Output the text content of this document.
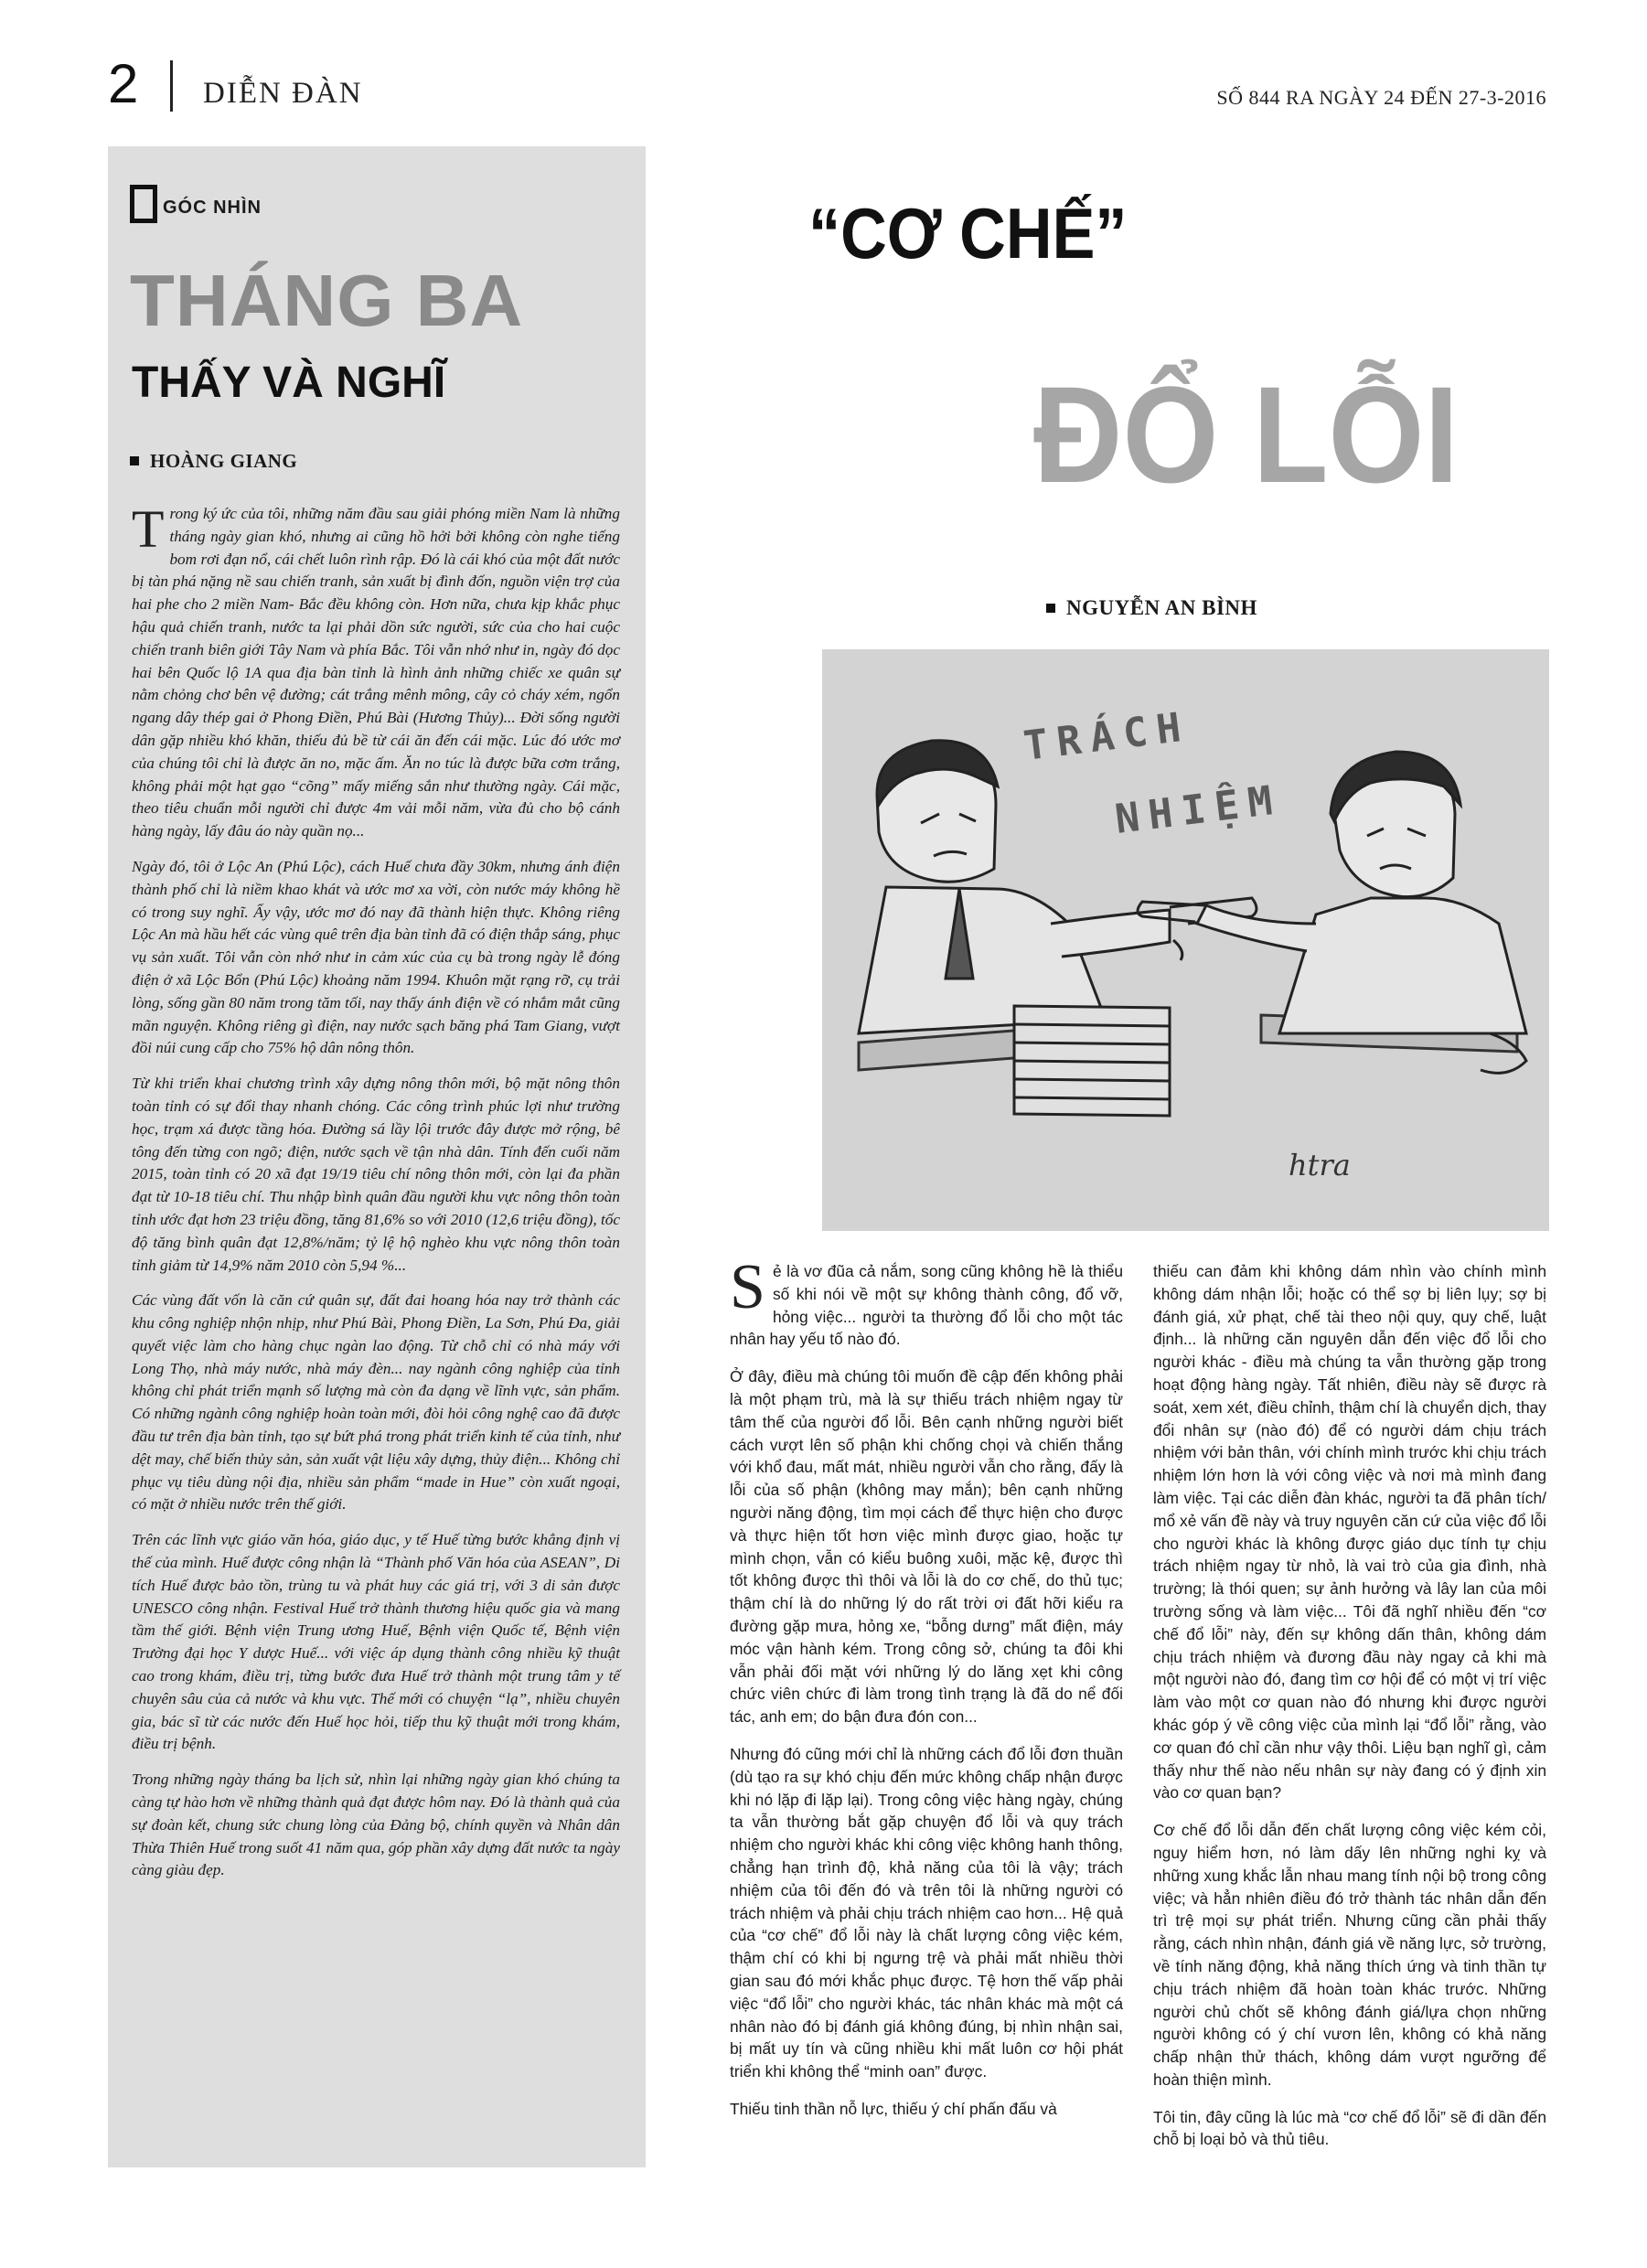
2 DIỄN ĐÀN	SỐ 844 RA NGÀY 24 ĐẾN 27-3-2016
GÓC NHÌN
THÁNG BA
THẤY VÀ NGHĨ
HOÀNG GIANG

Trong ký ức của tôi, những năm đầu sau giải phóng miền Nam là những tháng ngày gian khó, nhưng ai cũng hồ hởi bởi không còn nghe tiếng bom rơi đạn nổ, cái chết luôn rình rập. Đó là cái khó của một đất nước bị tàn phá nặng nề sau chiến tranh, sản xuất bị đình đốn, nguồn viện trợ của hai phe cho 2 miền Nam- Bắc đều không còn. Hơn nữa, chưa kịp khắc phục hậu quả chiến tranh, nước ta lại phải dồn sức người, sức của cho hai cuộc chiến tranh biên giới Tây Nam và phía Bắc. Tôi vẫn nhớ như in, ngày đó dọc hai bên Quốc lộ 1A qua địa bàn tỉnh là hình ảnh những chiếc xe quân sự nằm chỏng chơ bên vệ đường; cát trắng mênh mông, cây cỏ cháy xém, ngổn ngang dây thép gai ở Phong Điền, Phú Bài (Hương Thủy)... Đời sống người dân gặp nhiều khó khăn, thiếu đủ bề từ cái ăn đến cái mặc. Lúc đó ước mơ của chúng tôi chỉ là được ăn no, mặc ấm. Ăn no túc là được bữa cơm trắng, không phải một hạt gạo “cõng” mấy miếng sắn như thường ngày. Cái mặc, theo tiêu chuẩn mỗi người chỉ được 4m vải mỗi năm, vừa đủ cho bộ cánh hàng ngày, lấy đâu áo này quần nọ...

Ngày đó, tôi ở Lộc An (Phú Lộc), cách Huế chưa đầy 30km, nhưng ánh điện thành phố chỉ là niềm khao khát và ước mơ xa vời, còn nước máy không hề có trong suy nghĩ. Ấy vậy, ước mơ đó nay đã thành hiện thực. Không riêng Lộc An mà hầu hết các vùng quê trên địa bàn tỉnh đã có điện thắp sáng, phục vụ sản xuất. Tôi vẫn còn nhớ như in cảm xúc của cụ bà trong ngày lễ đóng điện ở xã Lộc Bổn (Phú Lộc) khoảng năm 1994. Khuôn mặt rạng rỡ, cụ trải lòng, sống gần 80 năm trong tăm tối, nay thấy ánh điện về có nhắm mắt cũng mãn nguyện. Không riêng gì điện, nay nước sạch băng phá Tam Giang, vượt đồi núi cung cấp cho 75% hộ dân nông thôn.

Từ khi triển khai chương trình xây dựng nông thôn mới, bộ mặt nông thôn toàn tỉnh có sự đổi thay nhanh chóng. Các công trình phúc lợi như trường học, trạm xá được tầng hóa. Đường sá lầy lội trước đây được mở rộng, bê tông đến từng con ngõ; điện, nước sạch về tận nhà dân. Tính đến cuối năm 2015, toàn tỉnh có 20 xã đạt 19/19 tiêu chí nông thôn mới, còn lại đa phần đạt từ 10-18 tiêu chí. Thu nhập bình quân đầu người khu vực nông thôn toàn tỉnh ước đạt hơn 23 triệu đồng, tăng 81,6% so với 2010 (12,6 triệu đồng), tốc độ tăng bình quân đạt 12,8%/năm; tỷ lệ hộ nghèo khu vực nông thôn toàn tỉnh giảm từ 14,9% năm 2010 còn 5,94 %...

Các vùng đất vốn là căn cứ quân sự, đất đai hoang hóa nay trở thành các khu công nghiệp nhộn nhịp, như Phú Bài, Phong Điền, La Sơn, Phú Đa, giải quyết việc làm cho hàng chục ngàn lao động. Từ chỗ chỉ có nhà máy với Long Thọ, nhà máy nước, nhà máy đèn... nay ngành công nghiệp của tỉnh không chỉ phát triển mạnh số lượng mà còn đa dạng về lĩnh vực, sản phẩm. Có những ngành công nghiệp hoàn toàn mới, đòi hỏi công nghệ cao đã được đầu tư trên địa bàn tỉnh, tạo sự bứt phá trong phát triển kinh tế của tỉnh, như dệt may, chế biến thủy sản, sản xuất vật liệu xây dựng, thủy điện... Không chỉ phục vụ tiêu dùng nội địa, nhiều sản phẩm “made in Hue” còn xuất ngoại, có mặt ở nhiều nước trên thế giới.

Trên các lĩnh vực giáo văn hóa, giáo dục, y tế Huế từng bước khẳng định vị thế của mình. Huế được công nhận là “Thành phố Văn hóa của ASEAN”, Di tích Huế được bảo tồn, trùng tu và phát huy các giá trị, với 3 di sản được UNESCO công nhận. Festival Huế trở thành thương hiệu quốc gia và mang tầm thế giới. Bệnh viện Trung ương Huế, Bệnh viện Quốc tế, Bệnh viện Trường đại học Y dược Huế... với việc áp dụng thành công nhiều kỹ thuật cao trong khám, điều trị, từng bước đưa Huế trở thành một trung tâm y tế chuyên sâu của cả nước và khu vực. Thế mới có chuyện “lạ”, nhiều chuyên gia, bác sĩ từ các nước đến Huế học hỏi, tiếp thu kỹ thuật mới trong khám, điều trị bệnh.

Trong những ngày tháng ba lịch sử, nhìn lại những ngày gian khó chúng ta càng tự hào hơn về những thành quả đạt được hôm nay. Đó là thành quả của sự đoàn kết, chung sức chung lòng của Đảng bộ, chính quyền và Nhân dân Thừa Thiên Huế trong suốt 41 năm qua, góp phần xây dựng đất nước ta ngày càng giàu đẹp.

“CƠ CHẾ”
ĐỔ LỖI
NGUYỄN AN BÌNH
TRÁCH
NHIỆM
htra

Sẻ là vơ đũa cả nắm, song cũng không hề là thiểu số khi nói về một sự không thành công, đổ vỡ, hỏng việc... người ta thường đổ lỗi cho một tác nhân hay yếu tố nào đó.

Ở đây, điều mà chúng tôi muốn đề cập đến không phải là một phạm trù, mà là sự thiếu trách nhiệm ngay từ tâm thế của người đổ lỗi. Bên cạnh những người biết cách vượt lên số phận khi chống chọi và chiến thắng với khổ đau, mất mát, nhiều người vẫn cho rằng, đấy là lỗi của số phận (không may mắn); bên cạnh những người năng động, tìm mọi cách để thực hiện cho được và thực hiện tốt hơn việc mình được giao, hoặc tự mình chọn, vẫn có kiểu buông xuôi, mặc kệ, được thì tốt không được thì thôi và lỗi là do cơ chế, do thủ tục; thậm chí là do những lý do rất trời ơi đất hỡi kiểu ra đường gặp mưa, hỏng xe, “bỗng dưng” mất điện, máy móc vận hành kém. Trong công sở, chúng ta đôi khi vẫn phải đối mặt với những lý do lăng xẹt khi công chức viên chức đi làm trong tình trạng là đã do nể đối tác, anh em; do bận đưa đón con...

Nhưng đó cũng mới chỉ là những cách đổ lỗi đơn thuần (dù tạo ra sự khó chịu đến mức không chấp nhận được khi nó lặp đi lặp lại). Trong công việc hàng ngày, chúng ta vẫn thường bắt gặp chuyện đổ lỗi và quy trách nhiệm cho người khác khi công việc không hanh thông, chẳng hạn trình độ, khả năng của tôi là vậy; trách nhiệm của tôi đến đó và trên tôi là những người có trách nhiệm và phải chịu trách nhiệm cao hơn... Hệ quả của “cơ chế” đổ lỗi này là chất lượng công việc kém, thậm chí có khi bị ngưng trệ và phải mất nhiều thời gian sau đó mới khắc phục được. Tệ hơn thế vấp phải việc “đổ lỗi” cho người khác, tác nhân khác mà một cá nhân nào đó bị đánh giá không đúng, bị nhìn nhận sai, bị mất uy tín và cũng nhiều khi mất luôn cơ hội phát triển khi không thể “minh oan” được.

Thiếu tinh thần nỗ lực, thiếu ý chí phấn đấu và

thiếu can đảm khi không dám nhìn vào chính mình không dám nhận lỗi; hoặc có thể sợ bị liên lụy; sợ bị đánh giá, xử phạt, chế tài theo nội quy, quy chế, luật định... là những căn nguyên dẫn đến việc đổ lỗi cho người khác - điều mà chúng ta vẫn thường gặp trong hoạt động hàng ngày. Tất nhiên, điều này sẽ được rà soát, xem xét, điều chỉnh, thậm chí là chuyển dịch, thay đổi nhân sự (nào đó) để có người dám chịu trách nhiệm với bản thân, với chính mình trước khi chịu trách nhiệm lớn hơn là với công việc và nơi mà mình đang làm việc. Tại các diễn đàn khác, người ta đã phân tích/ mổ xẻ vấn đề này và truy nguyên căn cứ của việc đổ lỗi cho người khác là không được giáo dục tính tự chịu trách nhiệm ngay từ nhỏ, là vai trò của gia đình, nhà trường; là thói quen; sự ảnh hưởng và lây lan của môi trường sống và làm việc... Tôi đã nghĩ nhiều đến “cơ chế đổ lỗi” này, đến sự không dấn thân, không dám chịu trách nhiệm và đương đầu này ngay cả khi mà một người nào đó, đang tìm cơ hội để có một vị trí việc làm vào một cơ quan nào đó nhưng khi được người khác góp ý về công việc của mình lại “đổ lỗi” rằng, vào cơ quan đó chỉ cần như vậy thôi. Liệu bạn nghĩ gì, cảm thấy như thế nào nếu nhân sự này đang có ý định xin vào cơ quan bạn?

Cơ chế đổ lỗi dẫn đến chất lượng công việc kém cỏi, nguy hiểm hơn, nó làm dấy lên những nghi kỵ và những xung khắc lẫn nhau mang tính nội bộ trong công việc; và hẳn nhiên điều đó trở thành tác nhân dẫn đến trì trệ mọi sự phát triển. Nhưng cũng cần phải thấy rằng, cách nhìn nhận, đánh giá về năng lực, sở trường, về tính năng động, khả năng thích ứng và tinh thần tự chịu trách nhiệm đã hoàn toàn khác trước. Những người chủ chốt sẽ không đánh giá/lựa chọn những người không có ý chí vươn lên, không có khả năng chấp nhận thử thách, không dám vượt ngưỡng để hoàn thiện mình.

Tôi tin, đây cũng là lúc mà “cơ chế đổ lỗi” sẽ đi dần đến chỗ bị loại bỏ và thủ tiêu.
